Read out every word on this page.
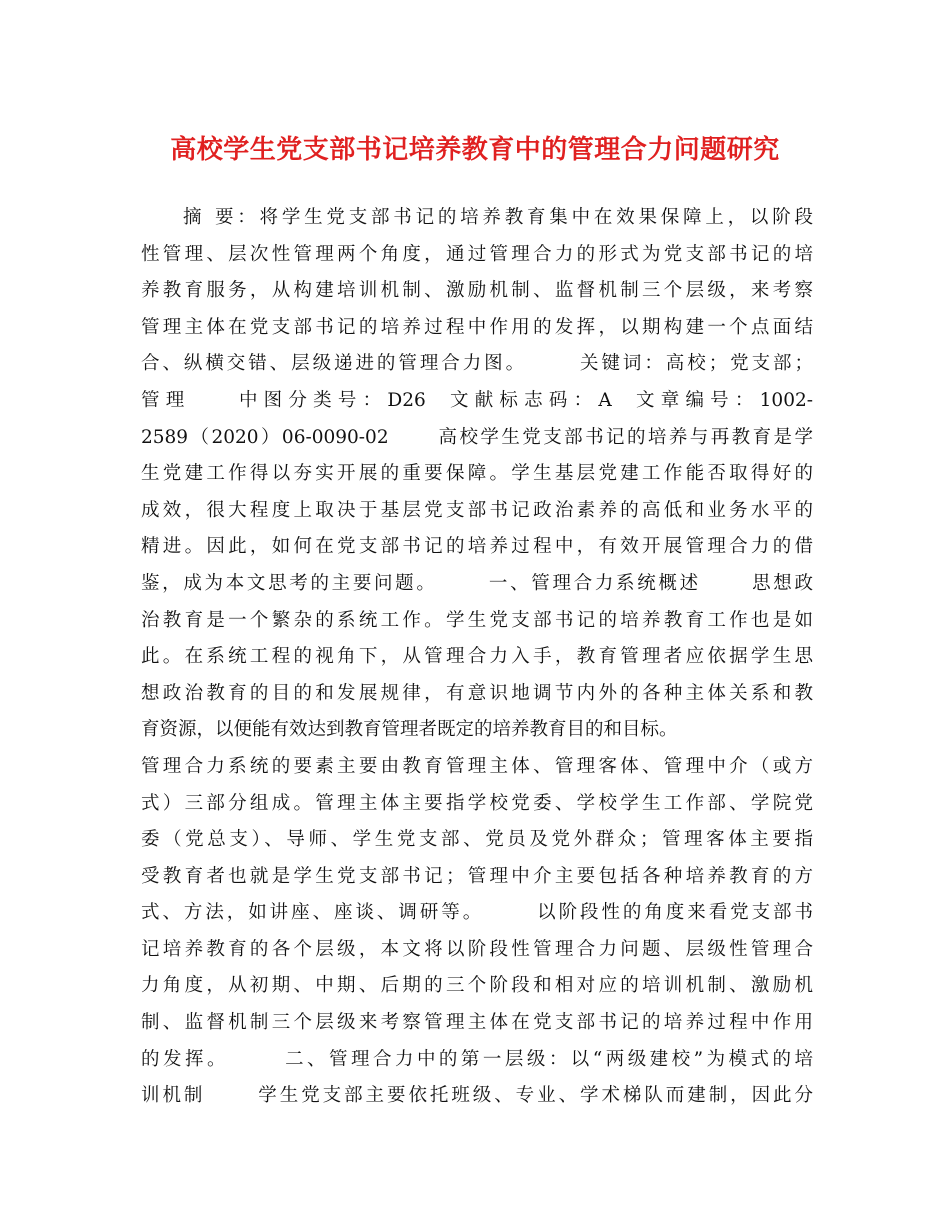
高校学生党支部书记培养教育中的管理合力问题研究
摘 要：将学生党支部书记的培养教育集中在效果保障上，以阶段
性管理、层次性管理两个角度，通过管理合力的形式为党支部书记的培
养教育服务，从构建培训机制、激励机制、监督机制三个层级，来考察
管理主体在党支部书记的培养过程中作用的发挥，以期构建一个点面结
合、纵横交错、层级递进的管理合力图。      关键词：高校；党支部；
管理    中图分类号：D26  文献标志码：A  文章编号：1002-
2589（2020）06-0090-02      高校学生党支部书记的培养与再教育是学
生党建工作得以夯实开展的重要保障。学生基层党建工作能否取得好的
成效，很大程度上取决于基层党支部书记政治素养的高低和业务水平的
精进。因此，如何在党支部书记的培养过程中，有效开展管理合力的借
鉴，成为本文思考的主要问题。      一、管理合力系统概述      思想政
治教育是一个繁杂的系统工作。学生党支部书记的培养教育工作也是如
此。在系统工程的视角下，从管理合力入手，教育管理者应依据学生思
想政治教育的目的和发展规律，有意识地调节内外的各种主体关系和教
育资源，以便能有效达到教育管理者既定的培养教育目的和目标。
管理合力系统的要素主要由教育管理主体、管理客体、管理中介（或方
式）三部分组成。管理主体主要指学校党委、学校学生工作部、学院党
委（党总支）、导师、学生党支部、党员及党外群众；管理客体主要指
受教育者也就是学生党支部书记；管理中介主要包括各种培养教育的方
式、方法，如讲座、座谈、调研等。      以阶段性的角度来看党支部书
记培养教育的各个层级，本文将以阶段性管理合力问题、层级性管理合
力角度，从初期、中期、后期的三个阶段和相对应的培训机制、激励机
制、监督机制三个层级来考察管理主体在党支部书记的培养过程中作用
的发挥。      二、管理合力中的第一层级：以“两级建校”为模式的培
训机制      学生党支部主要依托班级、专业、学术梯队而建制，因此分
